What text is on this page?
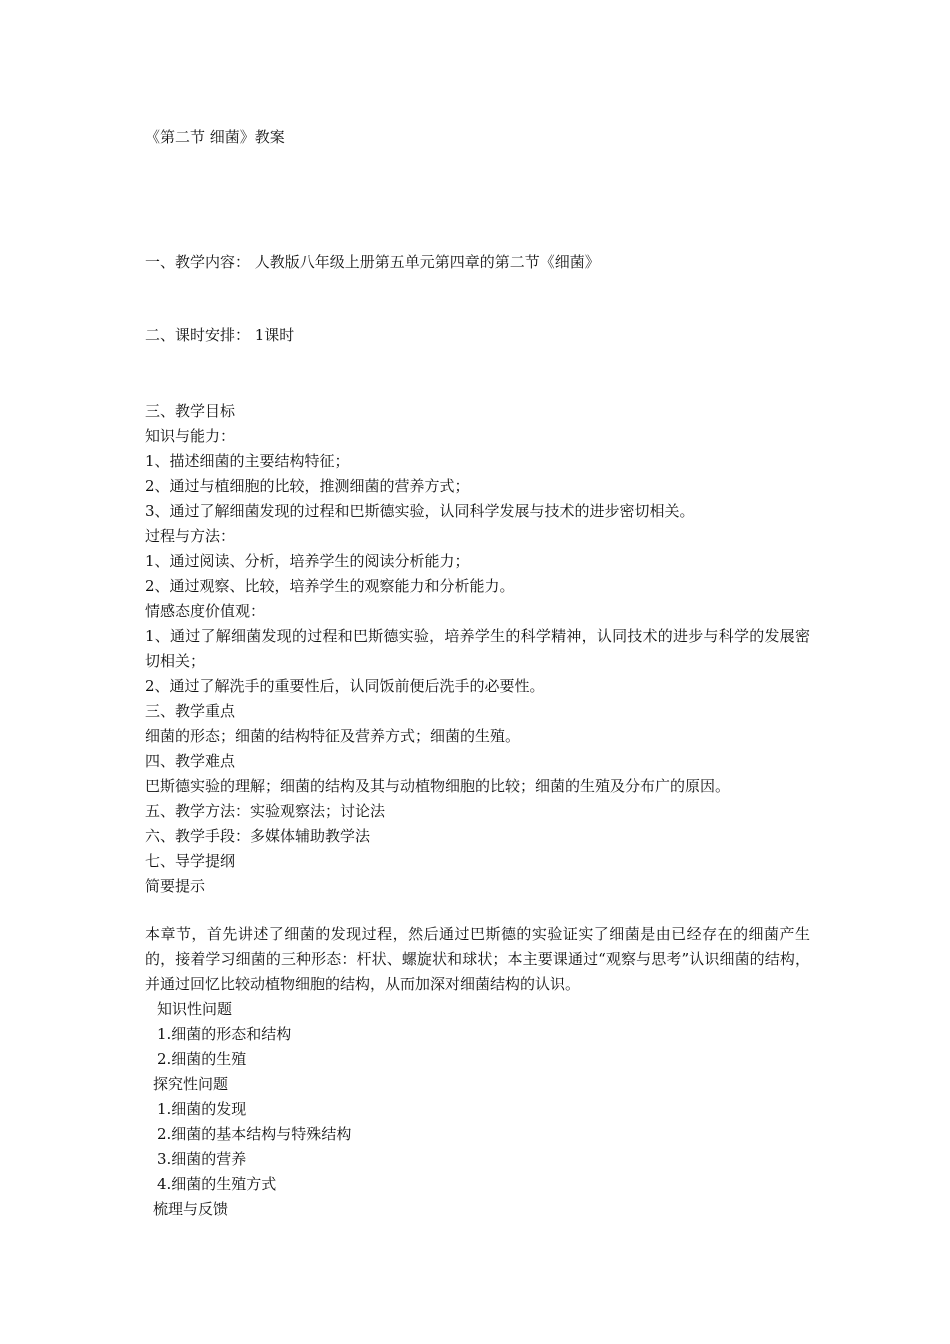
《第二节 细菌》教案
一、教学内容： 人教版八年级上册第五单元第四章的第二节《细菌》
二、课时安排： 1课时
三、教学目标
知识与能力：
1、描述细菌的主要结构特征；
2、通过与植细胞的比较，推测细菌的营养方式；
3、通过了解细菌发现的过程和巴斯德实验，认同科学发展与技术的进步密切相关。
过程与方法：
1、通过阅读、分析，培养学生的阅读分析能力；
2、通过观察、比较，培养学生的观察能力和分析能力。
情感态度价值观：
1、通过了解细菌发现的过程和巴斯德实验，培养学生的科学精神，认同技术的进步与科学的发展密切相关；
2、通过了解洗手的重要性后，认同饭前便后洗手的必要性。
三、教学重点
细菌的形态；细菌的结构特征及营养方式；细菌的生殖。
四、教学难点
巴斯德实验的理解；细菌的结构及其与动植物细胞的比较；细菌的生殖及分布广的原因。
五、教学方法：实验观察法；讨论法
六、教学手段：多媒体辅助教学法
七、导学提纲
简要提示
本章节，首先讲述了细菌的发现过程，然后通过巴斯德的实验证实了细菌是由已经存在的细菌产生的，接着学习细菌的三种形态：杆状、螺旋状和球状；本主要课通过“观察与思考”认识细菌的结构，并通过回忆比较动植物细胞的结构，从而加深对细菌结构的认识。
知识性问题
1.细菌的形态和结构
2.细菌的生殖
探究性问题
1.细菌的发现
2.细菌的基本结构与特殊结构
3.细菌的营养
4.细菌的生殖方式
梳理与反馈
